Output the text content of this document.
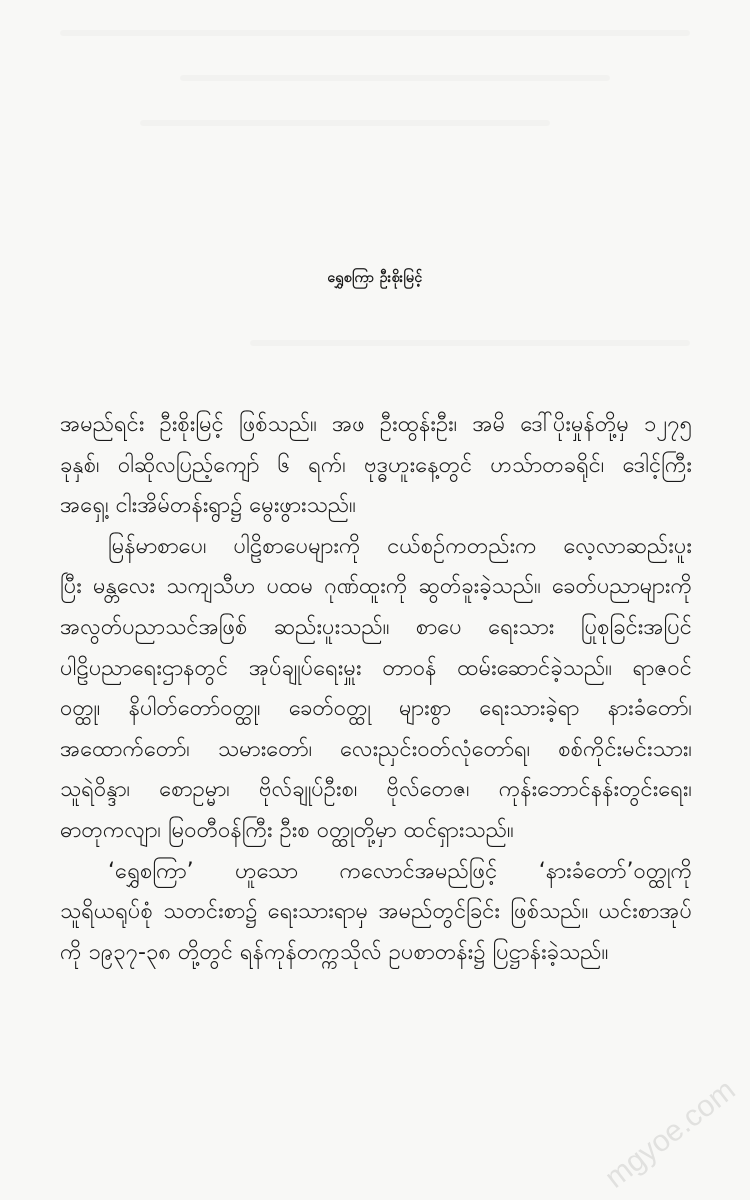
ရွှေစကြာ ဦးစိုးမြင့်
အမည်ရင်း ဦးစိုးမြင့် ဖြစ်သည်။ အဖ ဦးထွန်းဦး၊ အမိ ဒေါ်ပိုးမှုန်တို့မှ ၁၂၇၅
ခုနှစ်၊ ဝါဆိုလပြည့်ကျော် ၆ ရက်၊ ဗုဒ္ဓဟူးနေ့တွင် ဟသ်ာတခရိုင်၊ ဒေါင့်ကြီး
အရှေ့၊ ငါးအိမ်တန်းရွာ၌ မွေးဖွားသည်။
မြန်မာစာပေ၊ ပါဠိစာပေများကို ငယ်စဉ်ကတည်းက လေ့လာဆည်းပူး
ပြီး မန္တလေး သကျသီဟ ပထမ ဂုဏ်ထူးကို ဆွတ်ခူးခဲ့သည်။ ခေတ်ပညာများကို
အလွတ်ပညာသင်အဖြစ် ဆည်းပူးသည်။ စာပေ ရေးသား ပြုစုခြင်းအပြင်
ပါဠိပညာရေးဌာနတွင် အုပ်ချုပ်ရေးမှူး တာဝန် ထမ်းဆောင်ခဲ့သည်။ ရာဇဝင်
ဝတ္ထု၊ နိပါတ်တော်ဝတ္ထု၊ ခေတ်ဝတ္ထု များစွာ ရေးသားခဲ့ရာ နားခံတော်၊
အထောက်တော်၊ သမားတော်၊ လေးညှင်းဝတ်လုံတော်ရ၊ စစ်ကိုင်းမင်းသား၊
သူရဲဝိန္ဒာ၊ စောဥမ္မာ၊ ဗိုလ်ချုပ်ဦးစ၊ ဗိုလ်တေဇ၊ ကုန်းဘောင်နန်းတွင်းရေး၊
ဓာတုကလျာ၊ မြဝတီဝန်ကြီး ဦးစ ဝတ္ထုတို့မှာ ထင်ရှားသည်။
‘ရွှေစကြာ’ ဟူသော ကလောင်အမည်ဖြင့် ‘နားခံတော်’ဝတ္ထုကို
သူရိယရုပ်စုံ သတင်းစာ၌ ရေးသားရာမှ အမည်တွင်ခြင်း ဖြစ်သည်။ ယင်းစာအုပ်
ကို ၁၉၃၇-၃၈ တို့တွင် ရန်ကုန်တက္ကသိုလ် ဥပစာတန်း၌ ပြဋ္ဌာန်းခဲ့သည်။
mgyoe.com
